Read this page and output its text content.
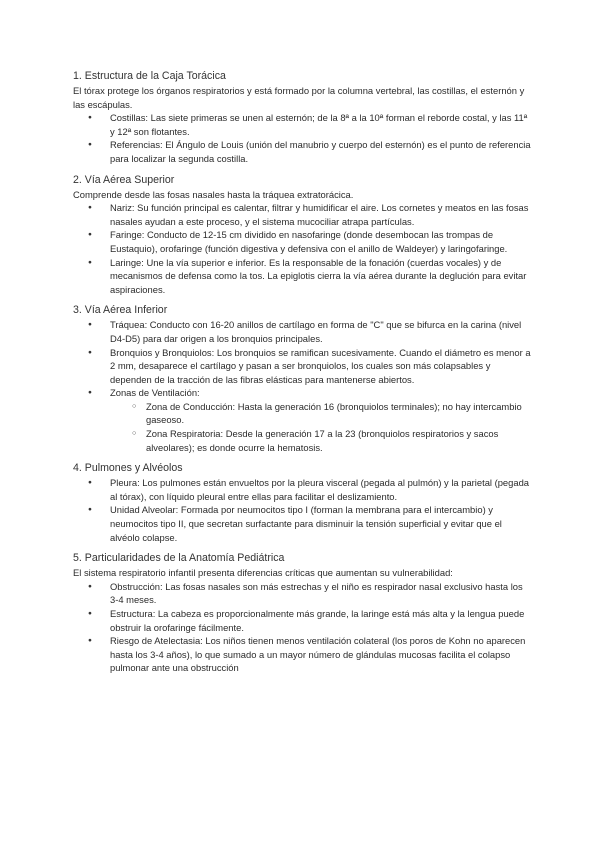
1. Estructura de la Caja Torácica

El tórax protege los órganos respiratorios y está formado por la columna vertebral, las costillas, el esternón y las escápulas.

● Costillas: Las siete primeras se unen al esternón; de la 8ª a la 10ª forman el reborde costal, y las 11ª y 12ª son flotantes.
● Referencias: El Ángulo de Louis (unión del manubrio y cuerpo del esternón) es el punto de referencia para localizar la segunda costilla.
2. Vía Aérea Superior

Comprende desde las fosas nasales hasta la tráquea extratorácica.

● Nariz: Su función principal es calentar, filtrar y humidificar el aire. Los cornetes y meatos en las fosas nasales ayudan a este proceso, y el sistema mucociliar atrapa partículas.
● Faringe: Conducto de 12-15 cm dividido en nasofaringe (donde desembocan las trompas de Eustaquio), orofaringe (función digestiva y defensiva con el anillo de Waldeyer) y laringofaringe.
● Laringe: Une la vía superior e inferior. Es la responsable de la fonación (cuerdas vocales) y de mecanismos de defensa como la tos. La epiglotis cierra la vía aérea durante la deglución para evitar aspiraciones.
3. Vía Aérea Inferior
● Tráquea: Conducto con 16-20 anillos de cartílago en forma de "C" que se bifurca en la carina (nivel D4-D5) para dar origen a los bronquios principales.
● Bronquios y Bronquiolos: Los bronquios se ramifican sucesivamente. Cuando el diámetro es menor a 2 mm, desaparece el cartílago y pasan a ser bronquiolos, los cuales son más colapsables y dependen de la tracción de las fibras elásticas para mantenerse abiertos.
● Zonas de Ventilación:
○ Zona de Conducción: Hasta la generación 16 (bronquiolos terminales); no hay intercambio gaseoso.
○ Zona Respiratoria: Desde la generación 17 a la 23 (bronquiolos respiratorios y sacos alveolares); es donde ocurre la hematosis.
4. Pulmones y Alvéolos
● Pleura: Los pulmones están envueltos por la pleura visceral (pegada al pulmón) y la parietal (pegada al tórax), con líquido pleural entre ellas para facilitar el deslizamiento.
● Unidad Alveolar: Formada por neumocitos tipo I (forman la membrana para el intercambio) y neumocitos tipo II, que secretan surfactante para disminuir la tensión superficial y evitar que el alvéolo colapse.
5. Particularidades de la Anatomía Pediátrica

El sistema respiratorio infantil presenta diferencias críticas que aumentan su vulnerabilidad:

● Obstrucción: Las fosas nasales son más estrechas y el niño es respirador nasal exclusivo hasta los 3-4 meses.
● Estructura: La cabeza es proporcionalmente más grande, la laringe está más alta y la lengua puede obstruir la orofaringe fácilmente.
● Riesgo de Atelectasia: Los niños tienen menos ventilación colateral (los poros de Kohn no aparecen hasta los 3-4 años), lo que sumado a un mayor número de glándulas mucosas facilita el colapso pulmonar ante una obstrucción
